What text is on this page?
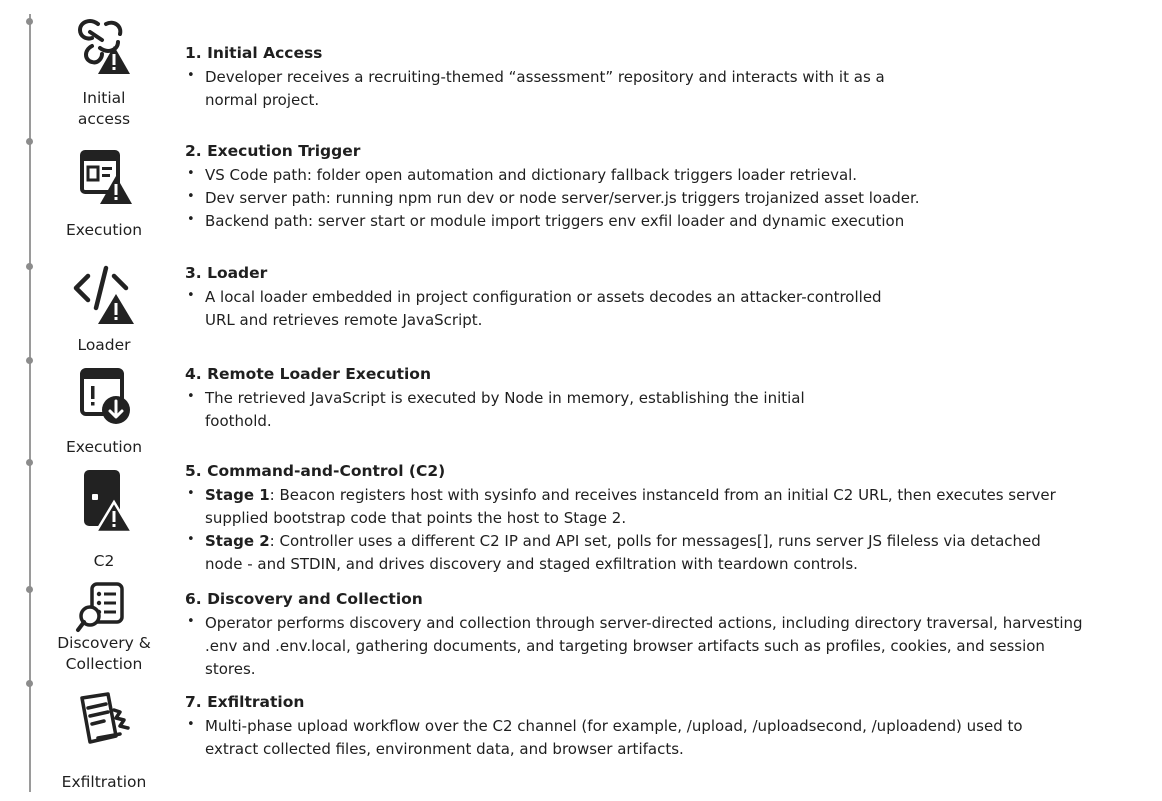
Initial
access
Execution
Loader
Execution
C2
Discovery &
Collection
Exfiltration
1. Initial Access
• Developer receives a recruiting-themed “assessment” repository and interacts with it as a
normal project.
2. Execution Trigger
• VS Code path: folder open automation and dictionary fallback triggers loader retrieval.
• Dev server path: running npm run dev or node server/server.js triggers trojanized asset loader.
• Backend path: server start or module import triggers env exfil loader and dynamic execution
3. Loader
• A local loader embedded in project configuration or assets decodes an attacker-controlled
URL and retrieves remote JavaScript.
4. Remote Loader Execution
• The retrieved JavaScript is executed by Node in memory, establishing the initial
foothold.
5. Command-and-Control (C2)
• Stage 1: Beacon registers host with sysinfo and receives instanceId from an initial C2 URL, then executes server
supplied bootstrap code that points the host to Stage 2.
• Stage 2: Controller uses a different C2 IP and API set, polls for messages[], runs server JS fileless via detached
node - and STDIN, and drives discovery and staged exfiltration with teardown controls.
6. Discovery and Collection
• Operator performs discovery and collection through server-directed actions, including directory traversal, harvesting
.env and .env.local, gathering documents, and targeting browser artifacts such as profiles, cookies, and session
stores.
7. Exfiltration
• Multi-phase upload workflow over the C2 channel (for example, /upload, /uploadsecond, /uploadend) used to
extract collected files, environment data, and browser artifacts.
